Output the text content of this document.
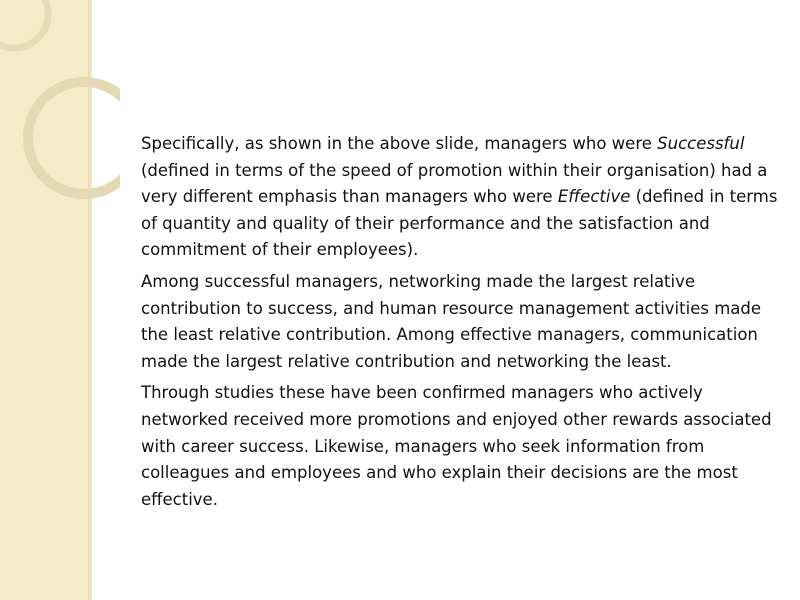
Specifically, as shown in the above slide, managers who were Successful (defined in terms of the speed of promotion within their organisation) had a very different emphasis than managers who were Effective (defined in terms of quantity and quality of their performance and the satisfaction and commitment of their employees).

Among successful managers, networking made the largest relative contribution to success, and human resource management activities made the least relative contribution. Among effective managers, communication made the largest relative contribution and networking the least.

Through studies these have been confirmed managers who actively networked received more promotions and enjoyed other rewards associated with career success. Likewise, managers who seek information from colleagues and employees and who explain their decisions are the most effective.
